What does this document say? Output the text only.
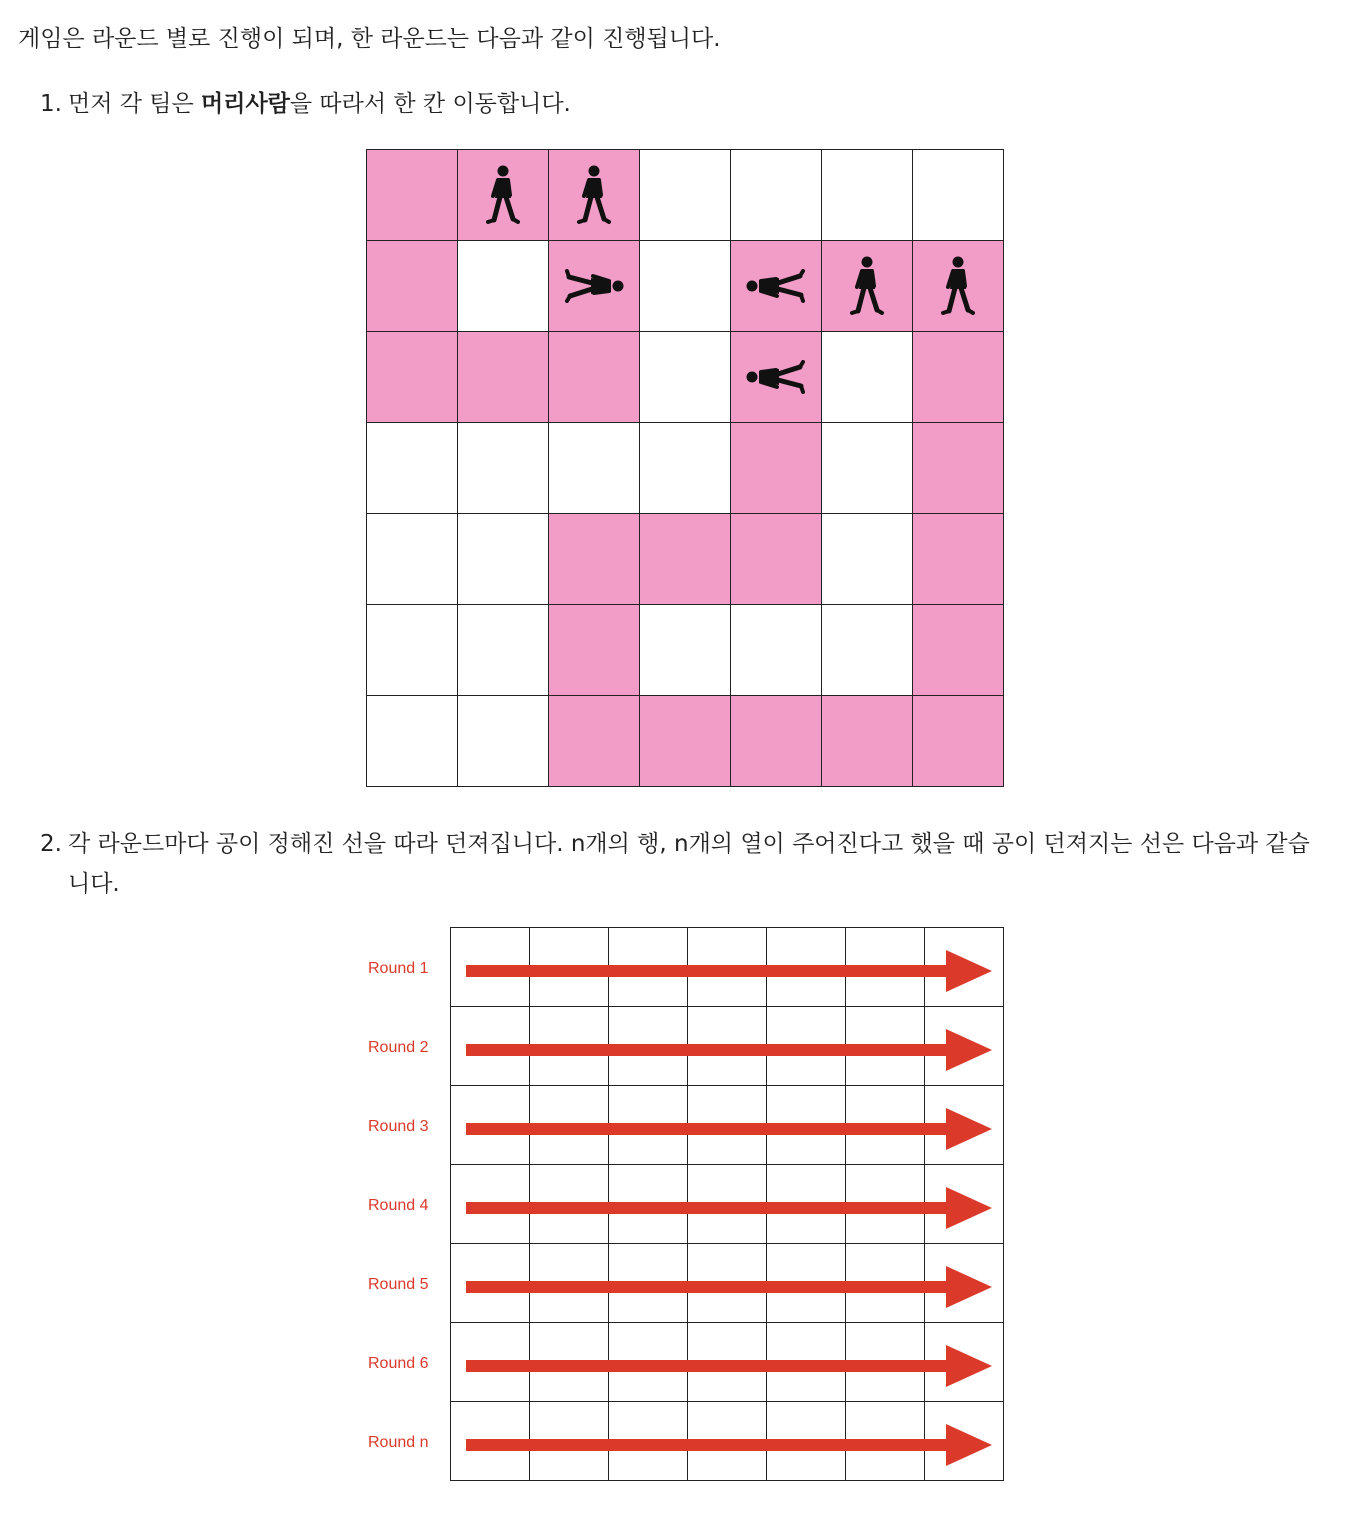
게임은 라운드 별로 진행이 되며, 한 라운드는 다음과 같이 진행됩니다.
1. 먼저 각 팀은 머리사람을 따라서 한 칸 이동합니다.
2. 각 라운드마다 공이 정해진 선을 따라 던져집니다. n개의 행, n개의 열이 주어진다고 했을 때 공이 던져지는 선은 다음과 같습니다.
Round 1
Round 2
Round 3
Round 4
Round 5
Round 6
Round n
